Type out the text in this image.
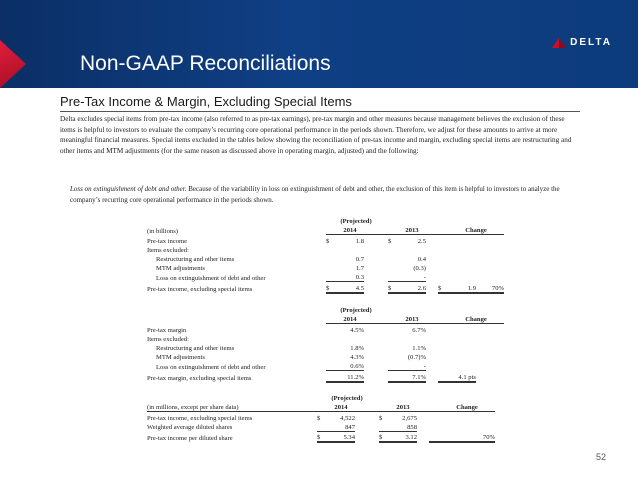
Non-GAAP Reconciliations
DELTA
Pre-Tax Income & Margin, Excluding Special Items
Delta excludes special items from pre-tax income (also referred to as pre-tax earnings), pre-tax margin and other measures because management believes the exclusion of these items is helpful to investors to evaluate the company’s recurring core operational performance in the periods shown. Therefore, we adjust for these amounts to arrive at more meaningful financial measures. Special items excluded in the tables below showing the reconciliation of pre-tax income and margin, excluding special items are restructuring and other items and MTM adjustments (for the same reason as discussed above in operating margin, adjusted) and the following:
Loss on extinguishment of debt and other. Because of the variability in loss on extinguishment of debt and other, the exclusion of this item is helpful to investors to analyze the company’s recurring core operational performance in the periods shown.
		(Projected)								
(in billions)		2014				2013			Change	
Pre-tax income	$	1.8			$	2.5				
Items excluded:										
Restructuring and other items		0.7				0.4				
MTM adjustments		1.7				(0.3)				
Loss on extinguishment of debt and other		0.3				-				
Pre-tax income, excluding special items	$	4.5			$	2.6		$	1.9	70%
		(Projected)								
		2014				2013			Change	
Pre-tax margin		4.5%				6.7%				
Items excluded:										
Restructuring and other items		1.8%				1.1%				
MTM adjustments		4.3%				(0.7)%				
Loss on extinguishment of debt and other		0.6%				-				
Pre-tax margin, excluding special items		11.2%				7.1%			4.1 pts	
		(Projected)								
(in millions, except per share data)		2014				2013			Change	
Pre-tax income, excluding special items	$	4,522			$	2,675				
Weighted average diluted shares		847				858				
Pre-tax income per diluted share	$	5.34			$	3.12				70%
52
